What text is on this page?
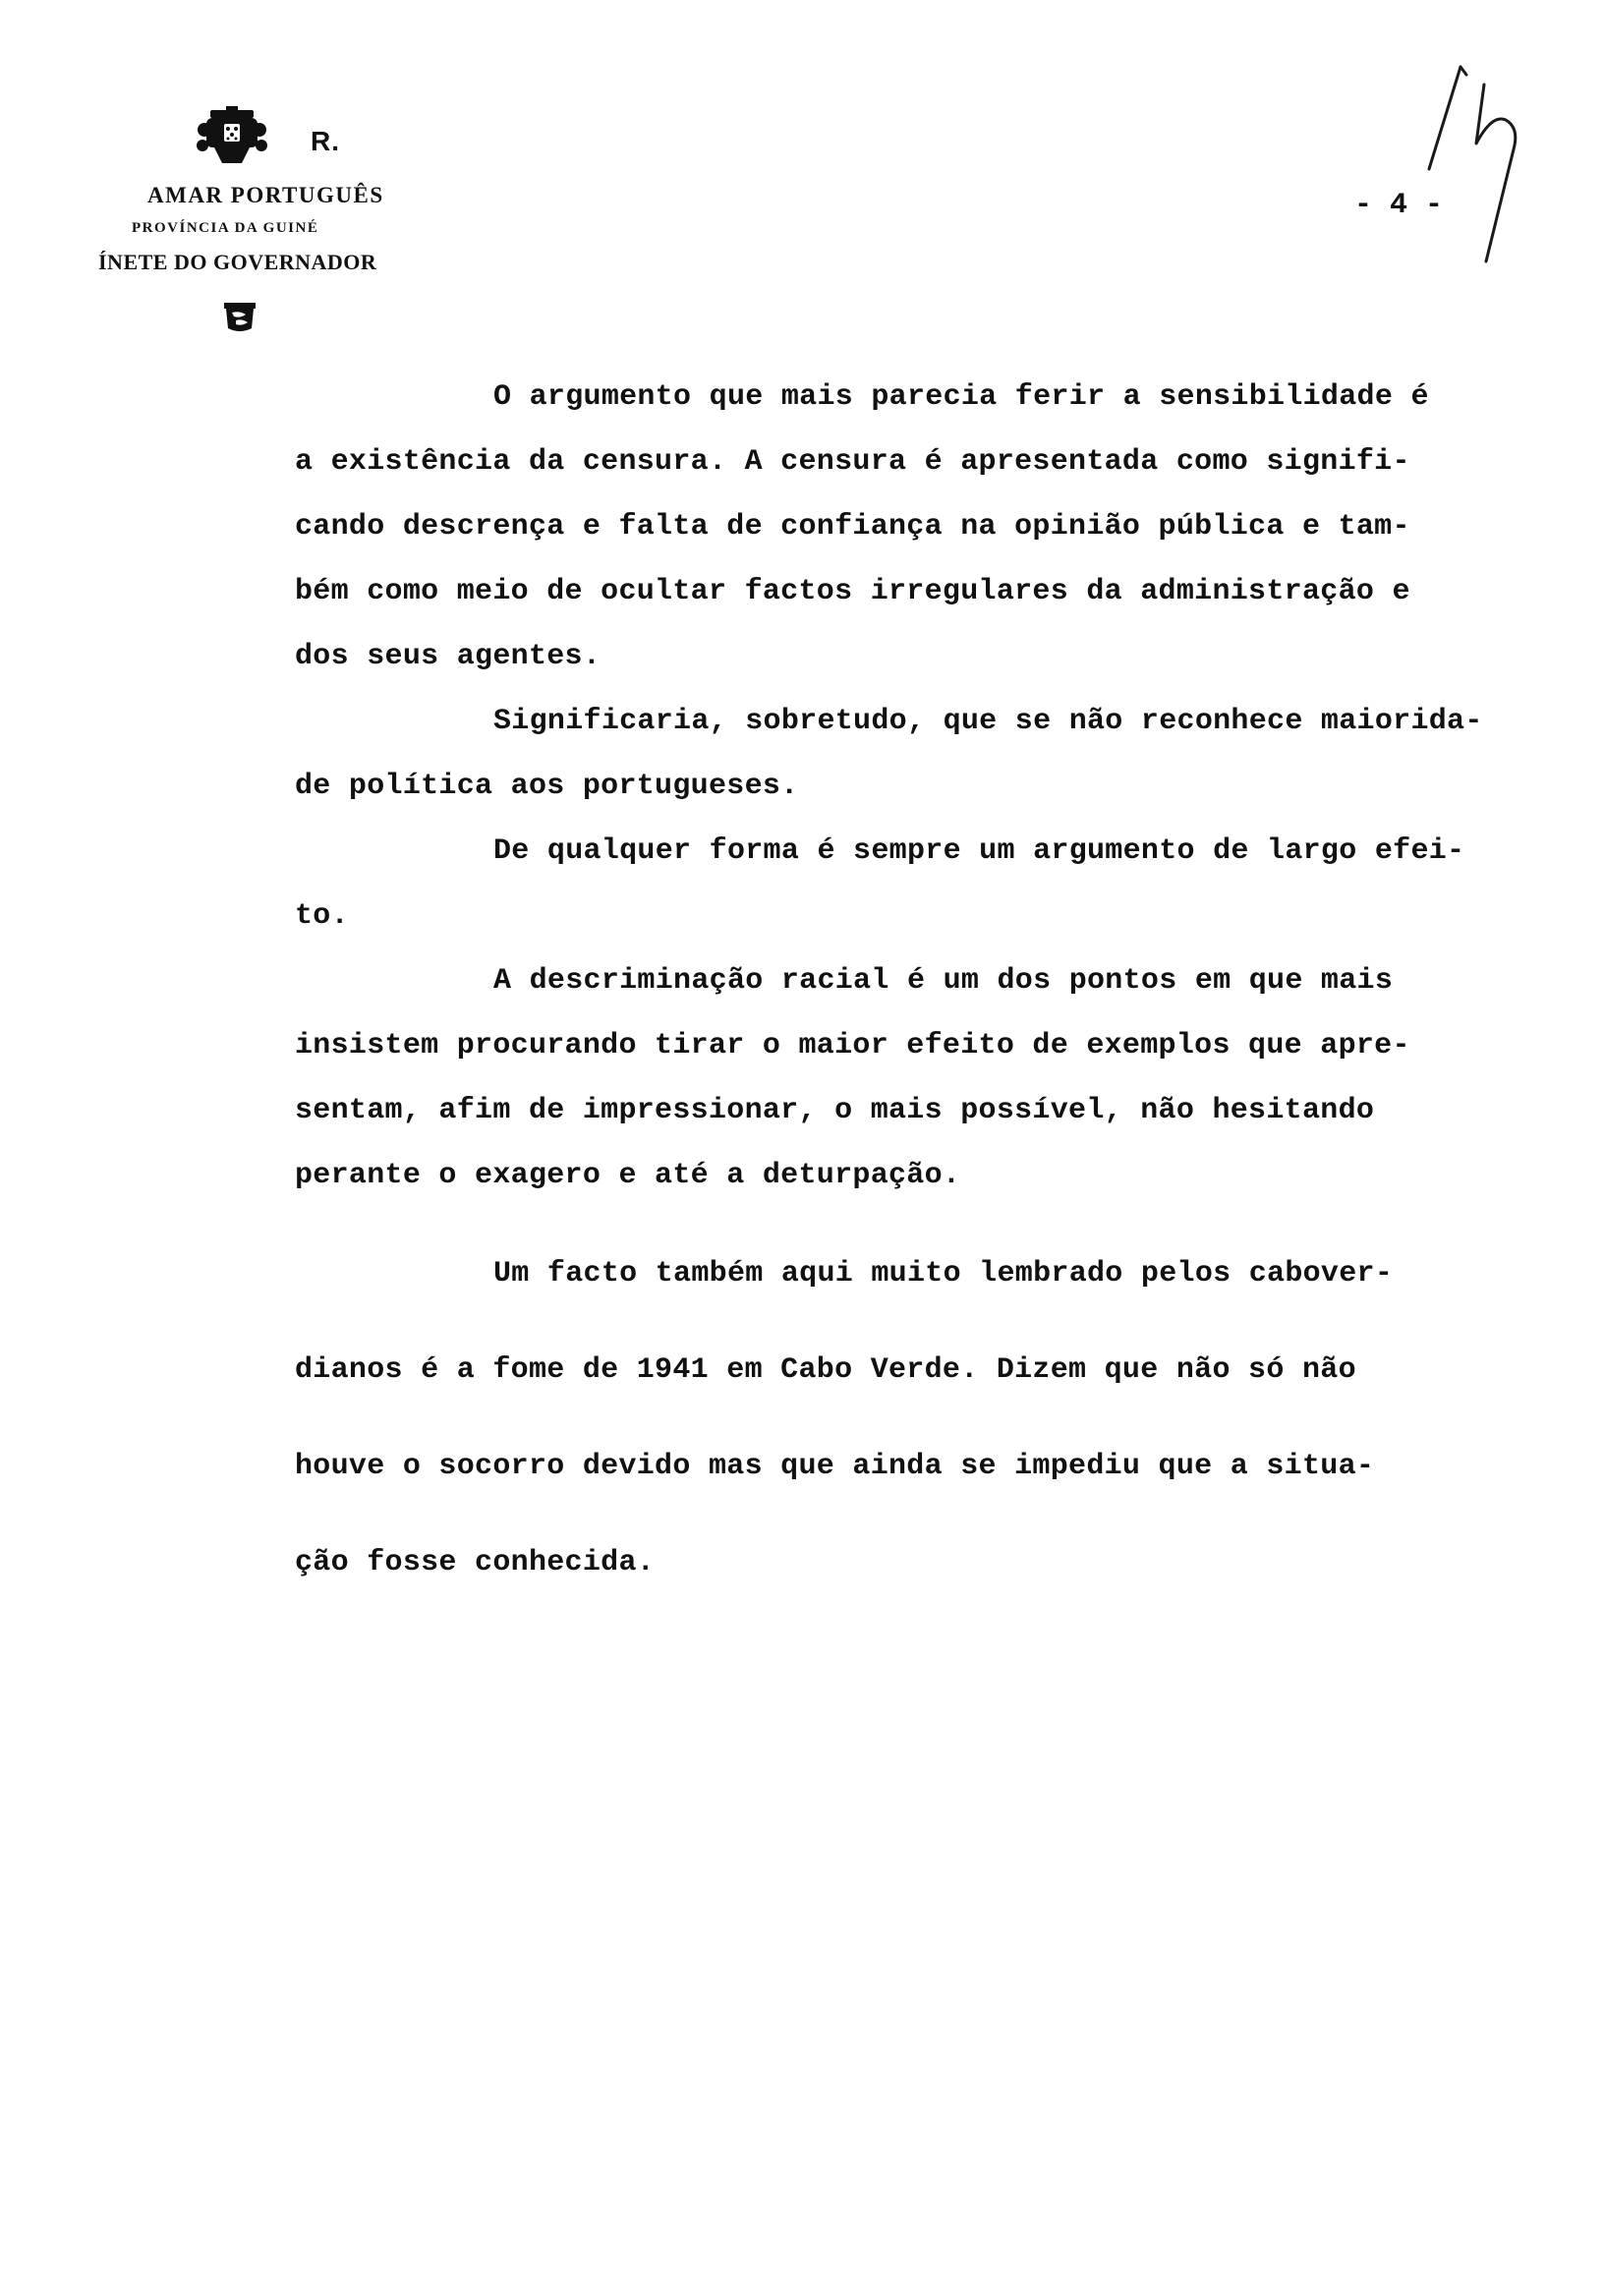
R.
AMAR PORTUGUÊS
PROVÍNCIA DA GUINÉ
ÍNETE DO GOVERNADOR
- 4 -
O argumento que mais parecia ferir a sensibilidade é
a existência da censura. A censura é apresentada como signifi-
cando descrença e falta de confiança na opinião pública e tam-
bém como meio de ocultar factos irregulares da administração e
dos seus agentes.
Significaria, sobretudo, que se não reconhece maiorida-
de política aos portugueses.
De qualquer forma é sempre um argumento de largo efei-
to.
A descriminação racial é um dos pontos em que mais
insistem procurando tirar o maior efeito de exemplos que apre-
sentam, afim de impressionar, o mais possível, não hesitando
perante o exagero e até a deturpação.
Um facto também aqui muito lembrado pelos cabover-
dianos é a fome de 1941 em Cabo Verde. Dizem que não só não
houve o socorro devido mas que ainda se impediu que a situa-
ção fosse conhecida.
